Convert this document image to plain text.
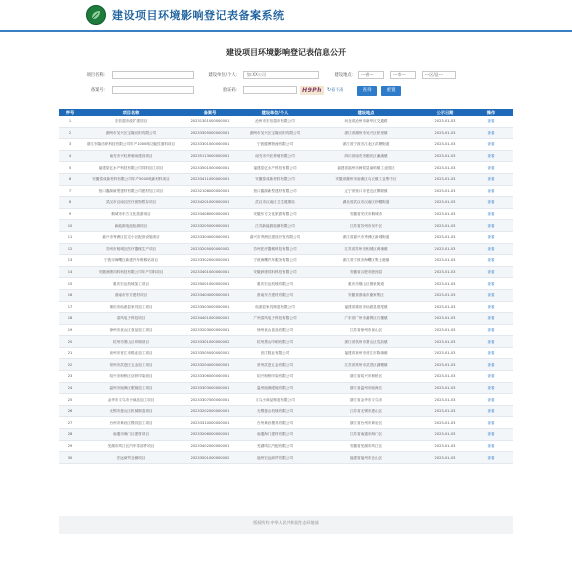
建设项目环境影响登记表备案系统
建设项目环境影响登记表信息公开
项目名称：	建设单位/个人：	如:XX公司	建设地点：	---省---	---市---	---区/县---
备案号：	验证码：	H9Ph	↻看不清	查询	重置
序号	项目名称	备案号	建设单位/个人	建设地点	公示日期	操作
1	宏信超市改扩建项目	20231301000000001	沧州市宏信超市有限公司	河北省沧州市新华区交通路	2023-01-03	查看
2	湖州市吴兴区宝隆纺织有限公司	20233305000000001	湖州市吴兴区宝隆纺织有限公司	浙江省湖州市吴兴区织里镇	2023-01-03	查看
3	浙江东隆纺织科技有限公司年产1000吨功能性面料项目	20233301000000001	宁波健博物流有限公司	浙江省宁波市江北区洪塘街道	2023-01-03	查看
4	南充市兴旺养殖场建设项目	20235113000000001	南充市兴旺养殖有限公司	四川省南充市顺庆区潆溪镇	2023-01-03	查看
5	福建星亿水产科技有限公司饲料加工项目	20233501000000001	福建星亿水产科技有限公司	福建省福州市闽侯县南屿镇工业园区	2023-01-03	查看
6	安徽泰成新材料有限公司年产5000吨新材料项目	20233411000000001	安徽泰成新材料有限公司	安徽省滁州市南谯区乌衣镇工业集中区	2023-01-03	查看
7	营口鑫源新型建材有限公司建材加工项目	20232108000000001	营口鑫源新型建材有限公司	辽宁省营口市老边区柳树镇	2023-01-03	查看
8	武汉市汉南区医疗废物暂存项目	20234201000000001	武汉市汉南区卫生健康局	湖北省武汉市汉南区纱帽街道	2023-01-03	查看
9	桐城市东方文化旅游项目	20233408000000001	安徽东方文化旅游有限公司	安徽省安庆市桐城市	2023-01-03	查看
10	新能源电池检测项目	20233205000000001	江苏新能源检测有限公司	江苏省苏州市吴中区	2023-01-03	查看
11	嘉兴市秀洲区住宅小区配套设施项目	20233304000000001	嘉兴市秀洲区建设开发有限公司	浙江省嘉兴市秀洲区新城街道	2023-01-03	查看
12	苏州市相城区医疗器械生产项目	20233205000000002	苏州医疗器械科技有限公司	江苏省苏州市相城区黄埭镇	2023-01-03	查看
13	宁波市海曙区新建汽车维修站项目	20233302000000001	宁波海曙汽车服务有限公司	浙江省宁波市海曙区集士港镇	2023-01-03	查看
14	安徽润康饲料科技有限公司年产饲料项目	20233401000000001	安徽润康饲料科技有限公司	安徽省合肥市肥西县	2023-01-03	查看
15	重庆宏达机械加工项目	20235001000000001	重庆宏达机械有限公司	重庆市璧山区璧泉街道	2023-01-03	查看
16	淮南市东方建材项目	20233404000000001	淮南东方建材有限公司	安徽省淮南市谢家集区	2023-01-03	查看
17	莆田市仙游县家具加工项目	20233503000000001	仙游县家具制造有限公司	福建省莆田市仙游县度尾镇	2023-01-03	查看
18	清风电子科技项目	20234401000000001	广州清风电子科技有限公司	广东省广州市番禺区石楼镇	2023-01-03	查看
19	徐州市泉山区食品加工项目	20233203000000001	徐州泉山食品有限公司	江苏省徐州市泉山区	2023-01-03	查看
20	杭州市萧山区印刷项目	20233301000000002	杭州萧山印刷有限公司	浙江省杭州市萧山区瓜沥镇	2023-01-03	查看
21	泉州市晋江市鞋业加工项目	20233505000000001	晋江鞋业有限公司	福建省泉州市晋江市陈埭镇	2023-01-03	查看
22	常州市武进区五金加工项目	20233204000000001	常州武进五金有限公司	江苏省常州市武进区湖塘镇	2023-01-03	查看
23	绍兴市柯桥区纺织印染项目	20233306000000001	绍兴柯桥印染有限公司	浙江省绍兴市柯桥区	2023-01-03	查看
24	温州市瓯海区眼镜加工项目	20233303000000001	温州瓯海眼镜有限公司	浙江省温州市瓯海区	2023-01-03	查看
25	金华市义乌市小商品加工项目	20233307000000001	义乌小商品制造有限公司	浙江省金华市义乌市	2023-01-03	查看
26	无锡市惠山区机械制造项目	20233202000000001	无锡惠山机械有限公司	江苏省无锡市惠山区	2023-01-03	查看
27	台州市黄岩区模具加工项目	20233310000000001	台州黄岩模具有限公司	浙江省台州市黄岩区	2023-01-03	查看
28	南通市海门区建材项目	20233206000000001	南通海门建材有限公司	江苏省南通市海门区	2023-01-03	查看
29	芜湖市鸠江区汽车零部件项目	20233402000000001	芜湖鸠江汽配有限公司	安徽省芜湖市鸠江区	2023-01-03	查看
30	宏远商贸仓储项目	20233501000000002	福州宏远商贸有限公司	福建省福州市仓山区	2023-01-03	查看
版权所有:中华人民共和国生态环境部
